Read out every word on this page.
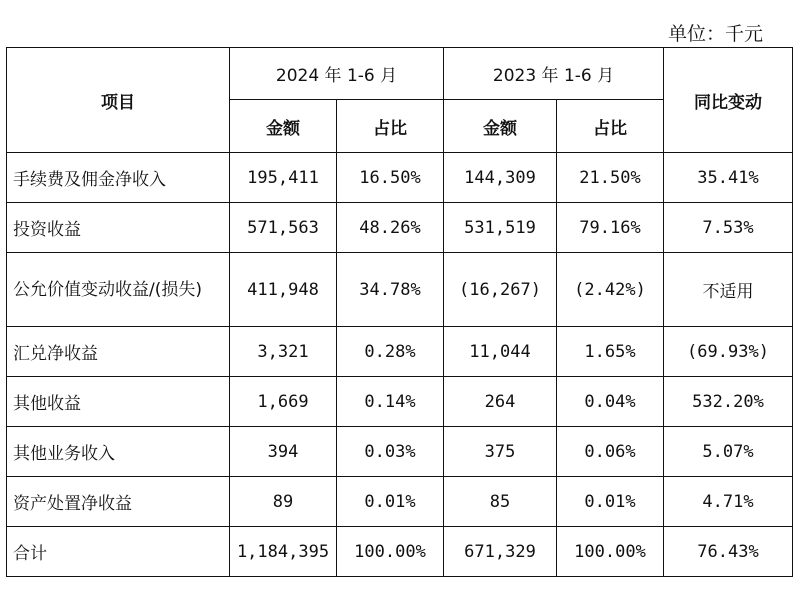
单位：千元
项目	2024 年 1-6 月		2023 年 1-6 月		同比变动
	金额	占比	金额	占比	
手续费及佣金净收入	195,411	16.50%	144,309	21.50%	35.41%
投资收益	571,563	48.26%	531,519	79.16%	7.53%
公允价值变动收益/(损失)	411,948	34.78%	(16,267)	(2.42%)	不适用
汇兑净收益	3,321	0.28%	11,044	1.65%	(69.93%)
其他收益	1,669	0.14%	264	0.04%	532.20%
其他业务收入	394	0.03%	375	0.06%	5.07%
资产处置净收益	89	0.01%	85	0.01%	4.71%
合计	1,184,395	100.00%	671,329	100.00%	76.43%
